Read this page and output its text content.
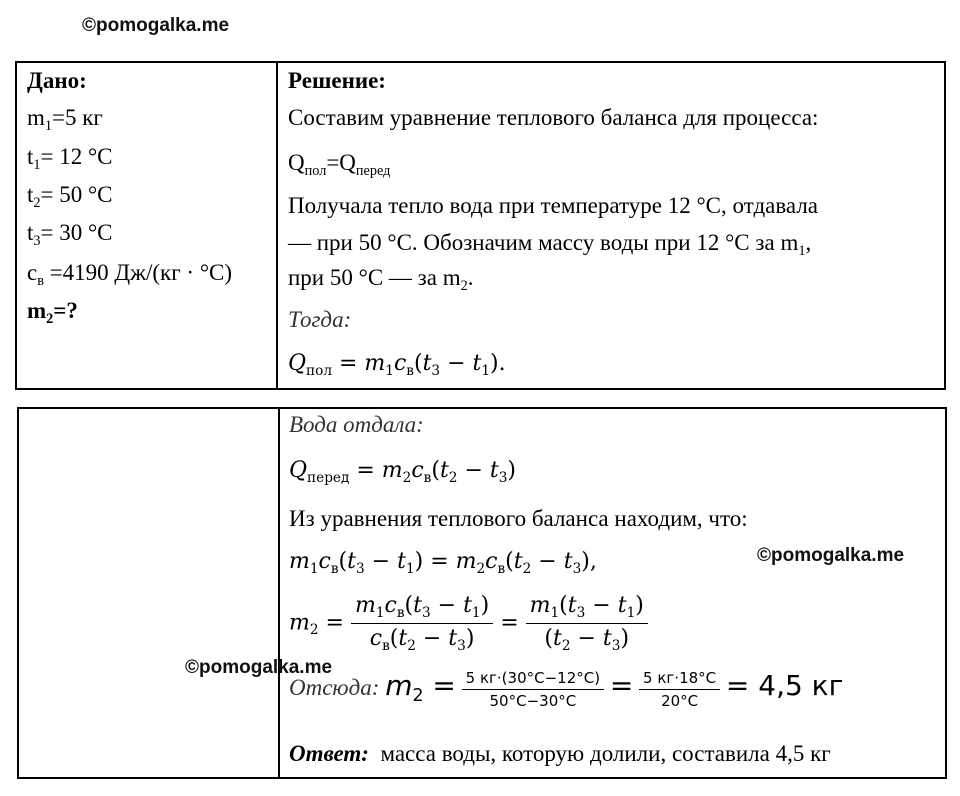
©pomogalka.me
Дано:
$m_1=5$ кг
$t_1= 12$ °С
$t_2= 50$ °С
$t_3= 30$ °С
$c_в =4190$ Дж/(кг · °С)
$m_2=$?
Решение:
Составим уравнение теплового баланса для процесса:
$Q_{пол}=Q_{перед}$
Получала тепло вода при температуре 12 °С, отдавала
— при 50 °С. Обозначим массу воды при 12 °С за $m_1$,
при 50 °С — за $m_2$.
Тогда:
$Q_{пол} = m_1c_в(t_3 - t_1)$.
Вода отдала:
$Q_{перед} = m_2c_в(t_2 - t_3)$
Из уравнения теплового баланса находим, что:
$m_1c_в(t_3 - t_1) = m_2c_в(t_2 - t_3)$,
$m_2 = \frac{m_1c_в(t_3 - t_1)}{c_в(t_2 - t_3)} = \frac{m_1(t_3 - t_1)}{(t_2 - t_3)}$
Отсюда: $m_2 = \frac{5 кг\cdot(30^\circ С-12^\circ С)}{50^\circ С-30^\circ С} = \frac{5 кг\cdot 18^\circ С}{20^\circ С} = 4,5$ кг
Ответ: масса воды, которую долили, составила 4,5 кг
©pomogalka.me
©pomogalka.me
